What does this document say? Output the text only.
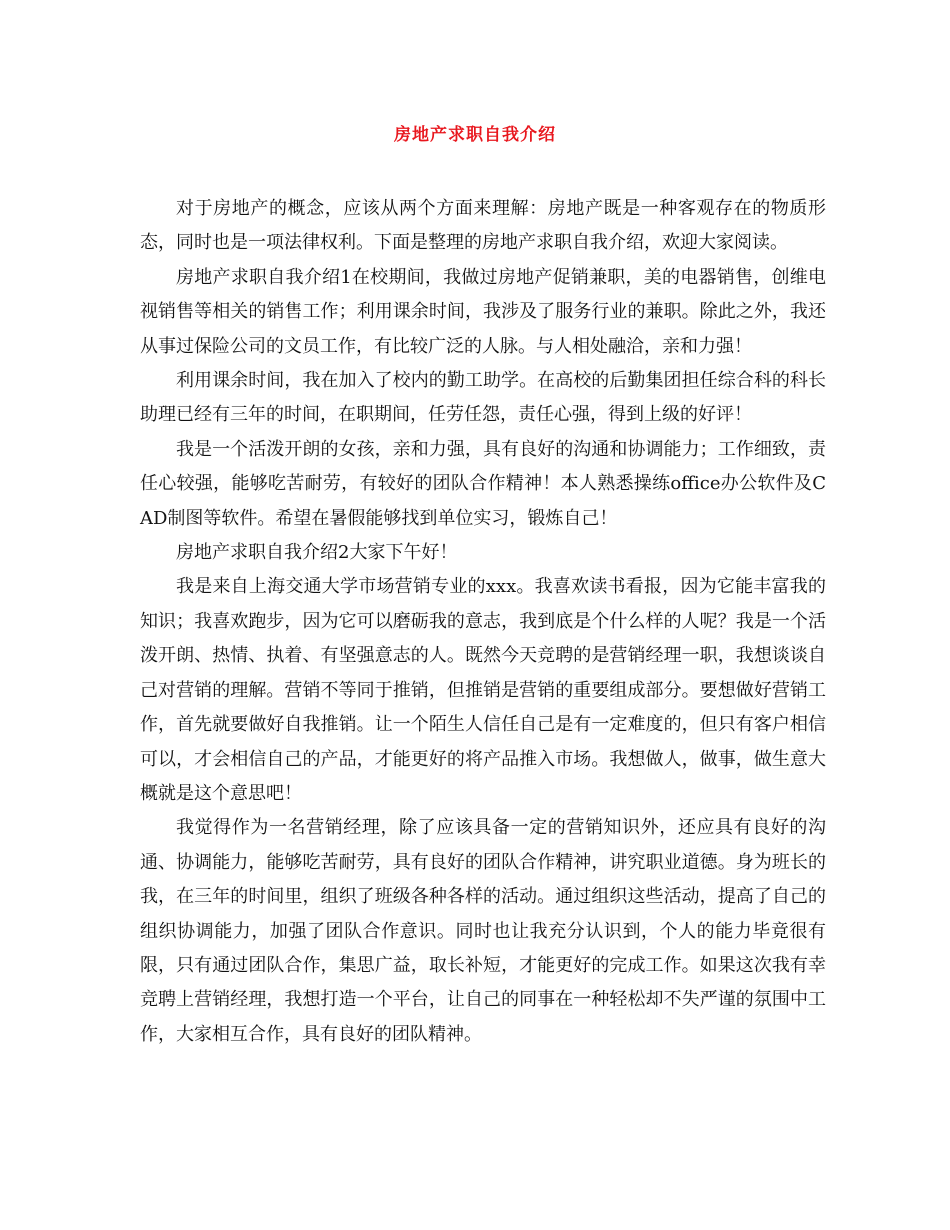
房地产求职自我介绍

对于房地产的概念，应该从两个方面来理解：房地产既是一种客观存在的物质形态，同时也是一项法律权利。下面是整理的房地产求职自我介绍，欢迎大家阅读。

房地产求职自我介绍1在校期间，我做过房地产促销兼职，美的电器销售，创维电视销售等相关的销售工作；利用课余时间，我涉及了服务行业的兼职。除此之外，我还从事过保险公司的文员工作，有比较广泛的人脉。与人相处融洽，亲和力强！

利用课余时间，我在加入了校内的勤工助学。在高校的后勤集团担任综合科的科长助理已经有三年的时间，在职期间，任劳任怨，责任心强，得到上级的好评！

我是一个活泼开朗的女孩，亲和力强，具有良好的沟通和协调能力；工作细致，责任心较强，能够吃苦耐劳，有较好的团队合作精神！本人熟悉操练office办公软件及CAD制图等软件。希望在暑假能够找到单位实习，锻炼自己！

房地产求职自我介绍2大家下午好！

我是来自上海交通大学市场营销专业的xxx。我喜欢读书看报，因为它能丰富我的知识；我喜欢跑步，因为它可以磨砺我的意志，我到底是个什么样的人呢？我是一个活泼开朗、热情、执着、有坚强意志的人。既然今天竞聘的是营销经理一职，我想谈谈自己对营销的理解。营销不等同于推销，但推销是营销的重要组成部分。要想做好营销工作，首先就要做好自我推销。让一个陌生人信任自己是有一定难度的，但只有客户相信可以，才会相信自己的产品，才能更好的将产品推入市场。我想做人，做事，做生意大概就是这个意思吧！

我觉得作为一名营销经理，除了应该具备一定的营销知识外，还应具有良好的沟通、协调能力，能够吃苦耐劳，具有良好的团队合作精神，讲究职业道德。身为班长的我，在三年的时间里，组织了班级各种各样的活动。通过组织这些活动，提高了自己的组织协调能力，加强了团队合作意识。同时也让我充分认识到，个人的能力毕竟很有限，只有通过团队合作，集思广益，取长补短，才能更好的完成工作。如果这次我有幸竞聘上营销经理，我想打造一个平台，让自己的同事在一种轻松却不失严谨的氛围中工作，大家相互合作，具有良好的团队精神。
